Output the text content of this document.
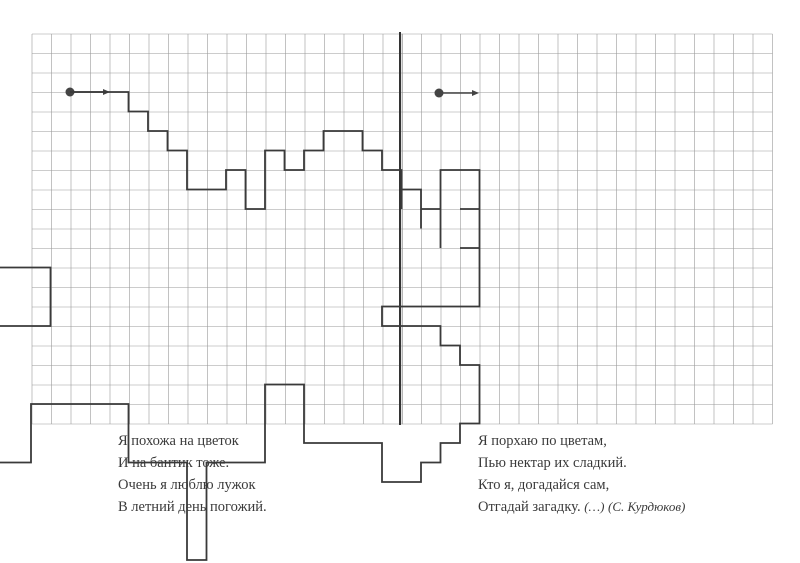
Я похожа на цветок
И на бантик тоже.
Очень я люблю лужок
В летний день погожий.
Я порхаю по цветам,
Пью нектар их сладкий.
Кто я, догадайся сам,
Отгадай загадку. (…) (С. Курдюков)
